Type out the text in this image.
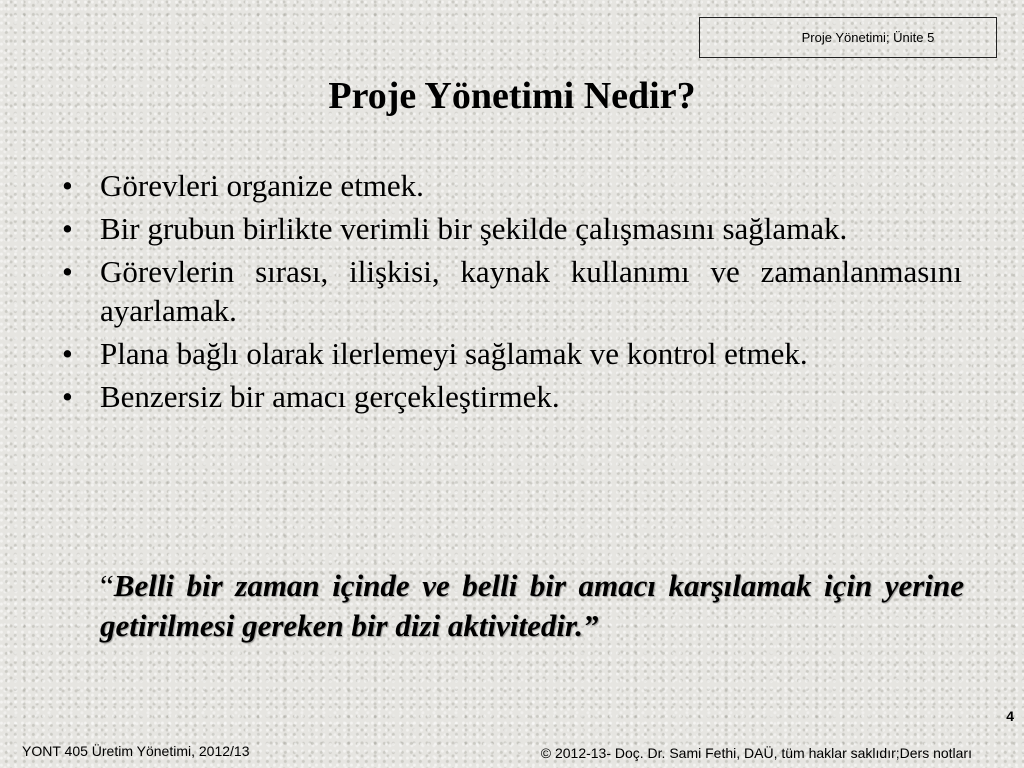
Proje Yönetimi; Ünite 5
Proje Yönetimi Nedir?
• Görevleri organize etmek.
• Bir grubun birlikte verimli bir şekilde çalışmasını sağlamak.
• Görevlerin sırası, ilişkisi, kaynak kullanımı ve zamanlanmasını ayarlamak.
• Plana bağlı olarak ilerlemeyi sağlamak ve kontrol etmek.
• Benzersiz bir amacı gerçekleştirmek.
“Belli bir zaman içinde ve belli bir amacı karşılamak için yerine getirilmesi gereken bir dizi aktivitedir.”
4
YONT 405 Üretim Yönetimi, 2012/13	© 2012-13- Doç. Dr. Sami Fethi, DAÜ, tüm haklar saklıdır;Ders notları
